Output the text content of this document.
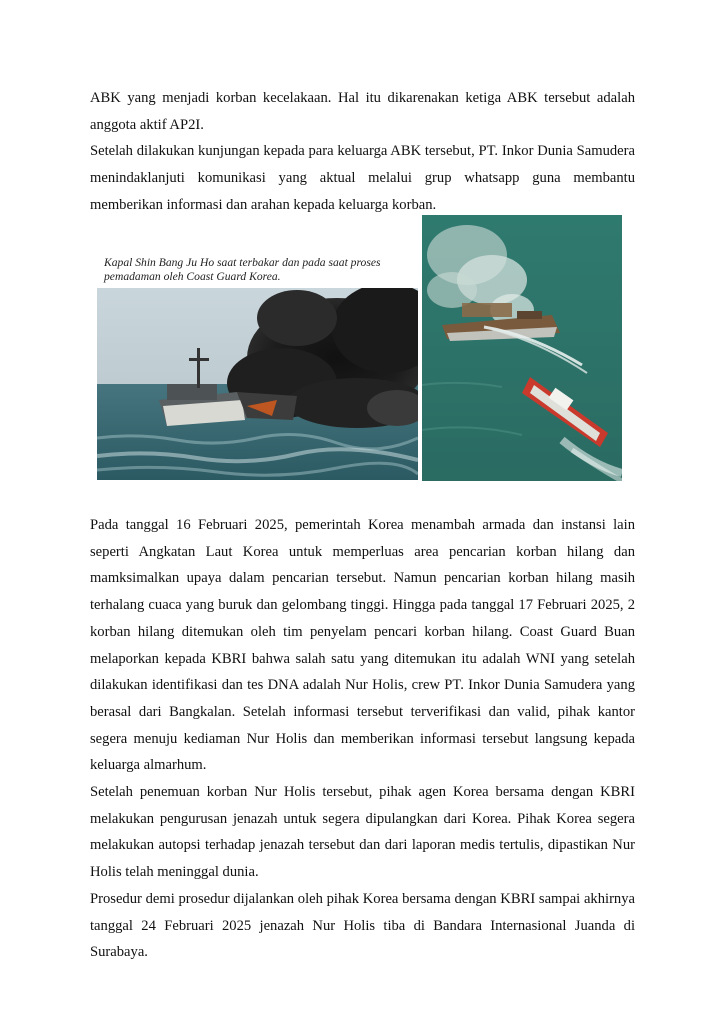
ABK yang menjadi korban kecelakaan. Hal itu dikarenakan ketiga ABK tersebut adalah anggota aktif AP2I.

Setelah dilakukan kunjungan kepada para keluarga ABK tersebut, PT. Inkor Dunia Samudera menindaklanjuti komunikasi yang aktual melalui grup whatsapp guna membantu memberikan informasi dan arahan kepada keluarga korban.

Kapal Shin Bang Ju Ho saat terbakar dan pada saat proses pemadaman oleh Coast Guard Korea.

Pada tanggal 16 Februari 2025, pemerintah Korea menambah armada dan instansi lain seperti Angkatan Laut Korea untuk memperluas area pencarian korban hilang dan mamksimalkan upaya dalam pencarian tersebut. Namun pencarian korban hilang masih terhalang cuaca yang buruk dan gelombang tinggi. Hingga pada tanggal 17 Februari 2025, 2 korban hilang ditemukan oleh tim penyelam pencari korban hilang. Coast Guard Buan melaporkan kepada KBRI bahwa salah satu yang ditemukan itu adalah WNI yang setelah dilakukan identifikasi dan tes DNA adalah Nur Holis, crew PT. Inkor Dunia Samudera yang berasal dari Bangkalan. Setelah informasi tersebut terverifikasi dan valid, pihak kantor segera menuju kediaman Nur Holis dan memberikan informasi tersebut langsung kepada keluarga almarhum.

Setelah penemuan korban Nur Holis tersebut, pihak agen Korea bersama dengan KBRI melakukan pengurusan jenazah untuk segera dipulangkan dari Korea. Pihak Korea segera melakukan autopsi terhadap jenazah tersebut dan dari laporan medis tertulis, dipastikan Nur Holis telah meninggal dunia.

Prosedur demi prosedur dijalankan oleh pihak Korea bersama dengan KBRI sampai akhirnya tanggal 24 Februari 2025 jenazah Nur Holis tiba di Bandara Internasional Juanda di Surabaya.
